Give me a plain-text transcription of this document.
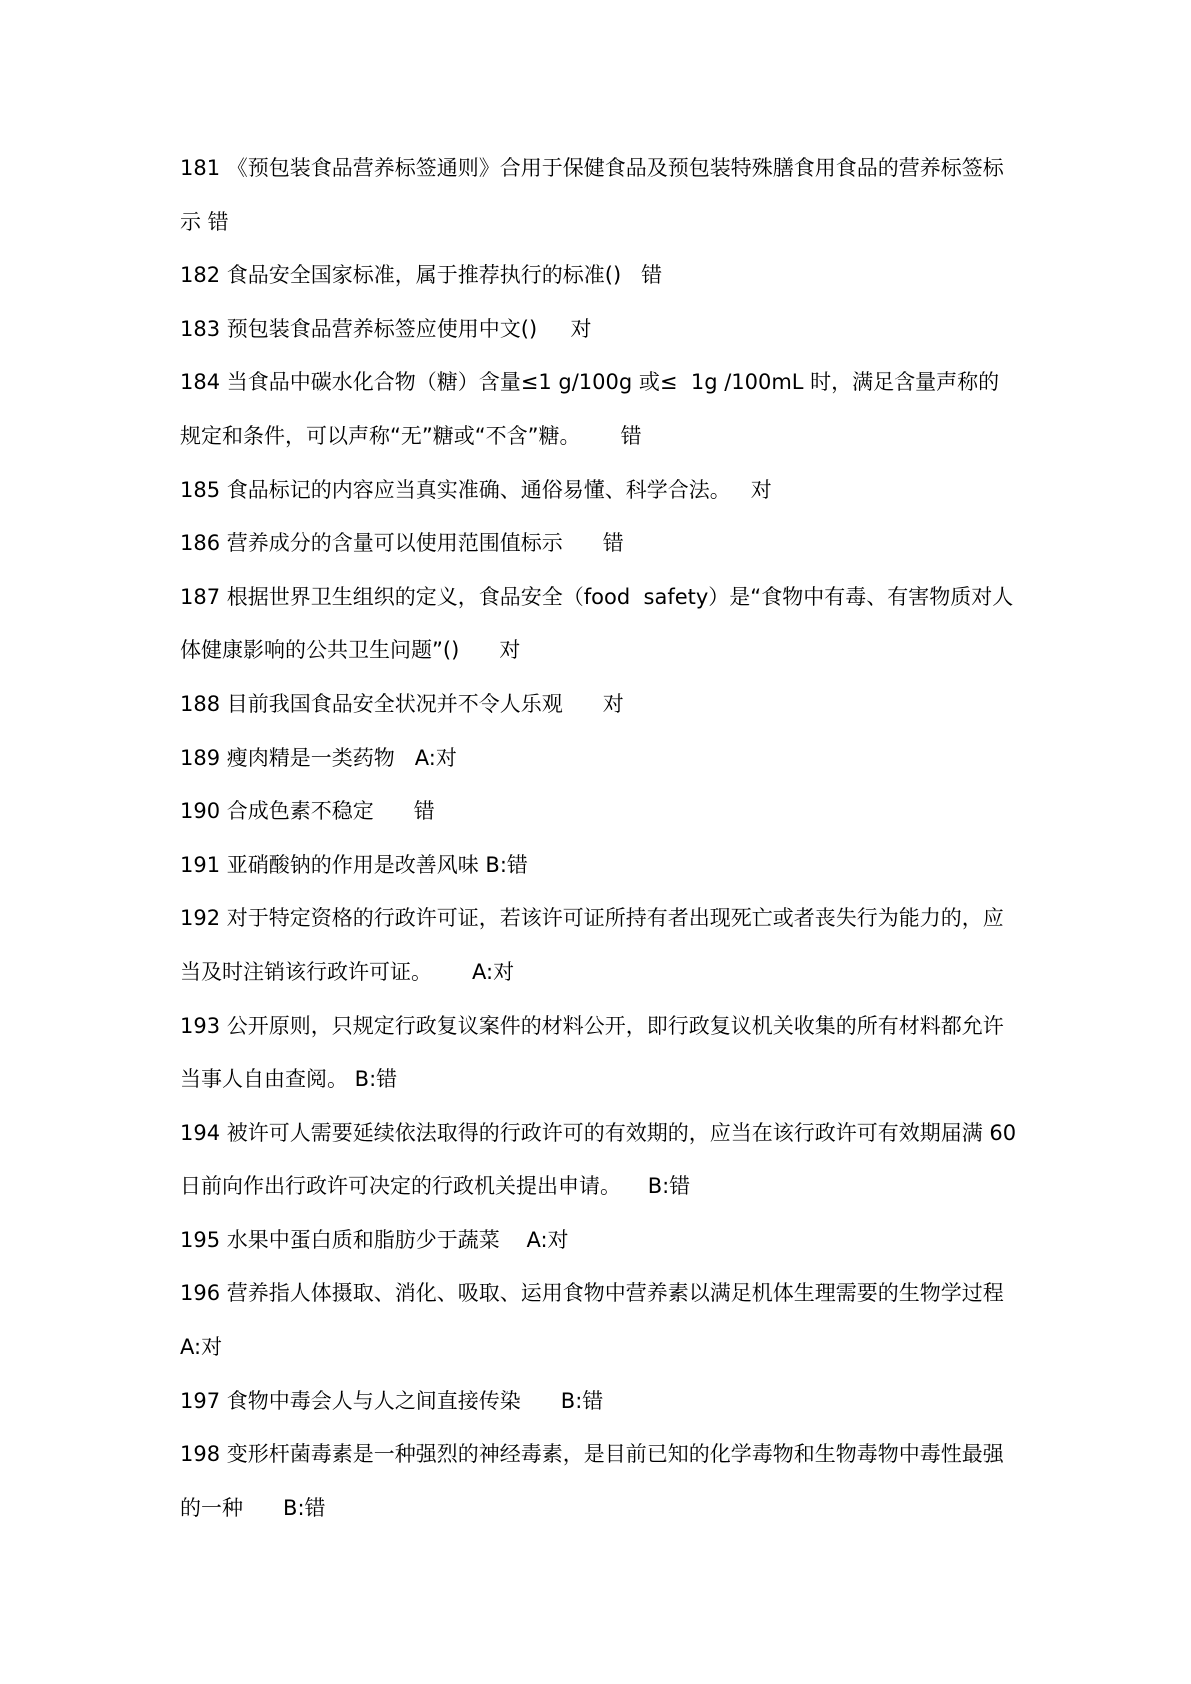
181 《预包装食品营养标签通则》合用于保健食品及预包装特殊膳食用食品的营养标签标示 错

182 食品安全国家标准，属于推荐执行的标准()   错

183 预包装食品营养标签应使用中文()     对

184 当食品中碳水化合物（糖）含量≤1 g/100g 或≤  1g /100mL 时，满足含量声称的规定和条件，可以声称“无”糖或“不含”糖。      错

185 食品标记的内容应当真实准确、通俗易懂、科学合法。   对

186 营养成分的含量可以使用范围值标示      错

187 根据世界卫生组织的定义，食品安全（food  safety）是“食物中有毒、有害物质对人体健康影响的公共卫生问题”()      对

188 目前我国食品安全状况并不令人乐观      对

189 瘦肉精是一类药物   A:对

190 合成色素不稳定      错

191 亚硝酸钠的作用是改善风味 B:错

192 对于特定资格的行政许可证，若该许可证所持有者出现死亡或者丧失行为能力的，应当及时注销该行政许可证。      A:对

193 公开原则，只规定行政复议案件的材料公开，即行政复议机关收集的所有材料都允许当事人自由查阅。 B:错

194 被许可人需要延续依法取得的行政许可的有效期的，应当在该行政许可有效期届满 60 日前向作出行政许可决定的行政机关提出申请。    B:错

195 水果中蛋白质和脂肪少于蔬菜    A:对

196 营养指人体摄取、消化、吸取、运用食物中营养素以满足机体生理需要的生物学过程    A:对

197 食物中毒会人与人之间直接传染      B:错

198 变形杆菌毒素是一种强烈的神经毒素，是目前已知的化学毒物和生物毒物中毒性最强的一种      B:错
